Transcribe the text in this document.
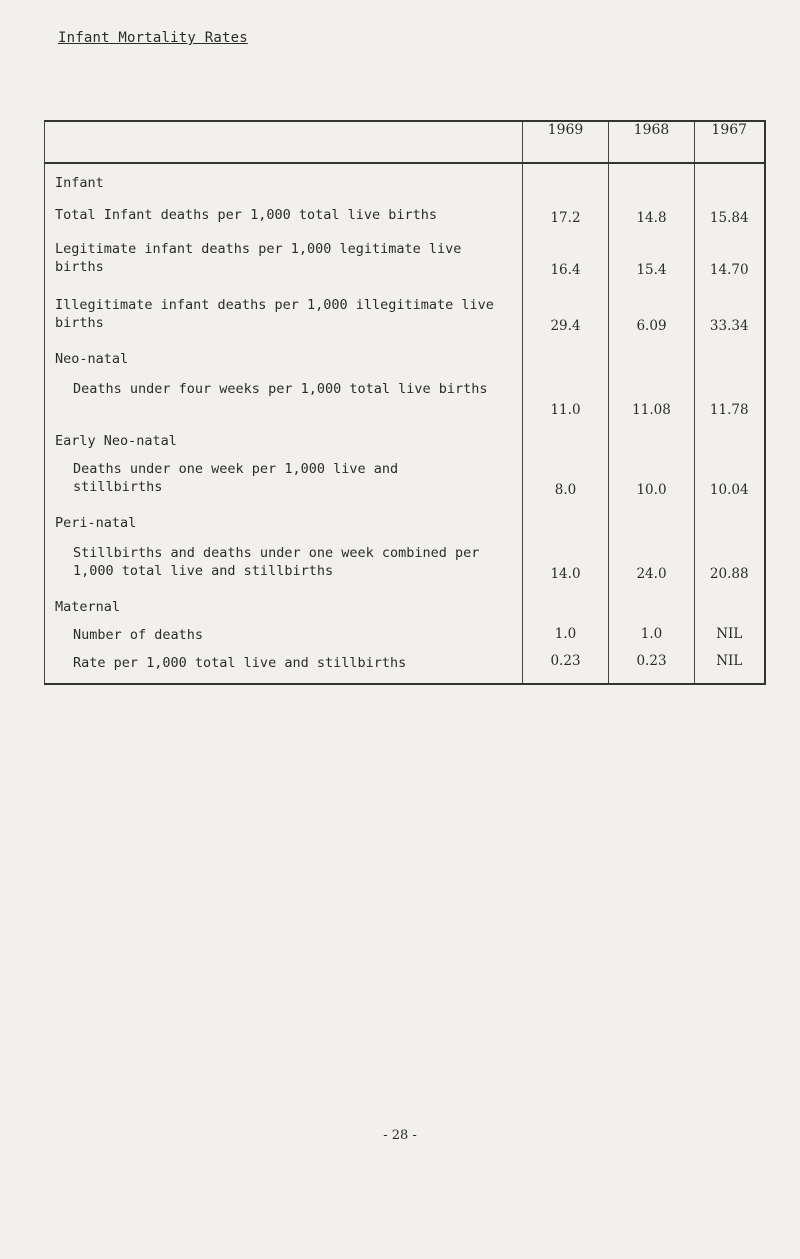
Infant Mortality Rates
	1969	1968	1967

Infant			

Total Infant deaths per 1,000 total live births	17.2	14.8	15.84

Legitimate infant deaths per 1,000 legitimate live births	16.4	15.4	14.70

Illegitimate infant deaths per 1,000 illegitimate live births	29.4	6.09	33.34

Neo-natal			

Deaths under four weeks per 1,000 total live births	11.0	11.08	11.78

Early Neo-natal			

Deaths under one week per 1,000 live and stillbirths	8.0	10.0	10.04

Peri-natal			

Stillbirths and deaths under one week combined per 1,000 total live and stillbirths	14.0	24.0	20.88

Maternal			

Number of deaths	1.0	1.0	NIL

Rate per 1,000 total live and stillbirths	0.23	0.23	NIL
- 28 -
